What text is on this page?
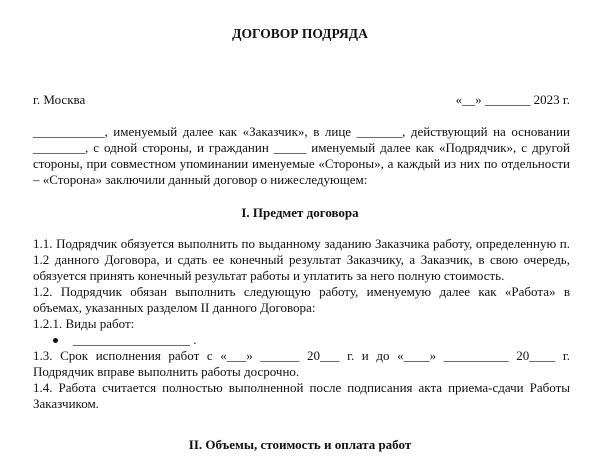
ДОГОВОР ПОДРЯДА
г. Москва	«__» _______ 2023 г.

___________, именуемый далее как «Заказчик», в лице _______, действующий на основании ________, с одной стороны, и гражданин _____ именуемый далее как «Подрядчик», с другой стороны, при совместном упоминании именуемые «Стороны», а каждый из них по отдельности – «Сторона» заключили данный договор о нижеследующем:

I. Предмет договора

1.1. Подрядчик обязуется выполнить по выданному заданию Заказчика работу, определенную п. 1.2 данного Договора, и сдать ее конечный результат Заказчику, а Заказчик, в свою очередь, обязуется принять конечный результат работы и уплатить за него полную стоимость.

1.2. Подрядчик обязан выполнить следующую работу, именуемую далее как «Работа» в объемах, указанных разделом II данного Договора:

1.2.1. Виды работ:

__________________ .

1.3. Срок исполнения работ с «___» ______ 20___ г. и до «____» __________ 20____ г. Подрядчик вправе выполнить работы досрочно.

1.4. Работа считается полностью выполненной после подписания акта приема-сдачи Работы Заказчиком.

II. Объемы, стоимость и оплата работ
